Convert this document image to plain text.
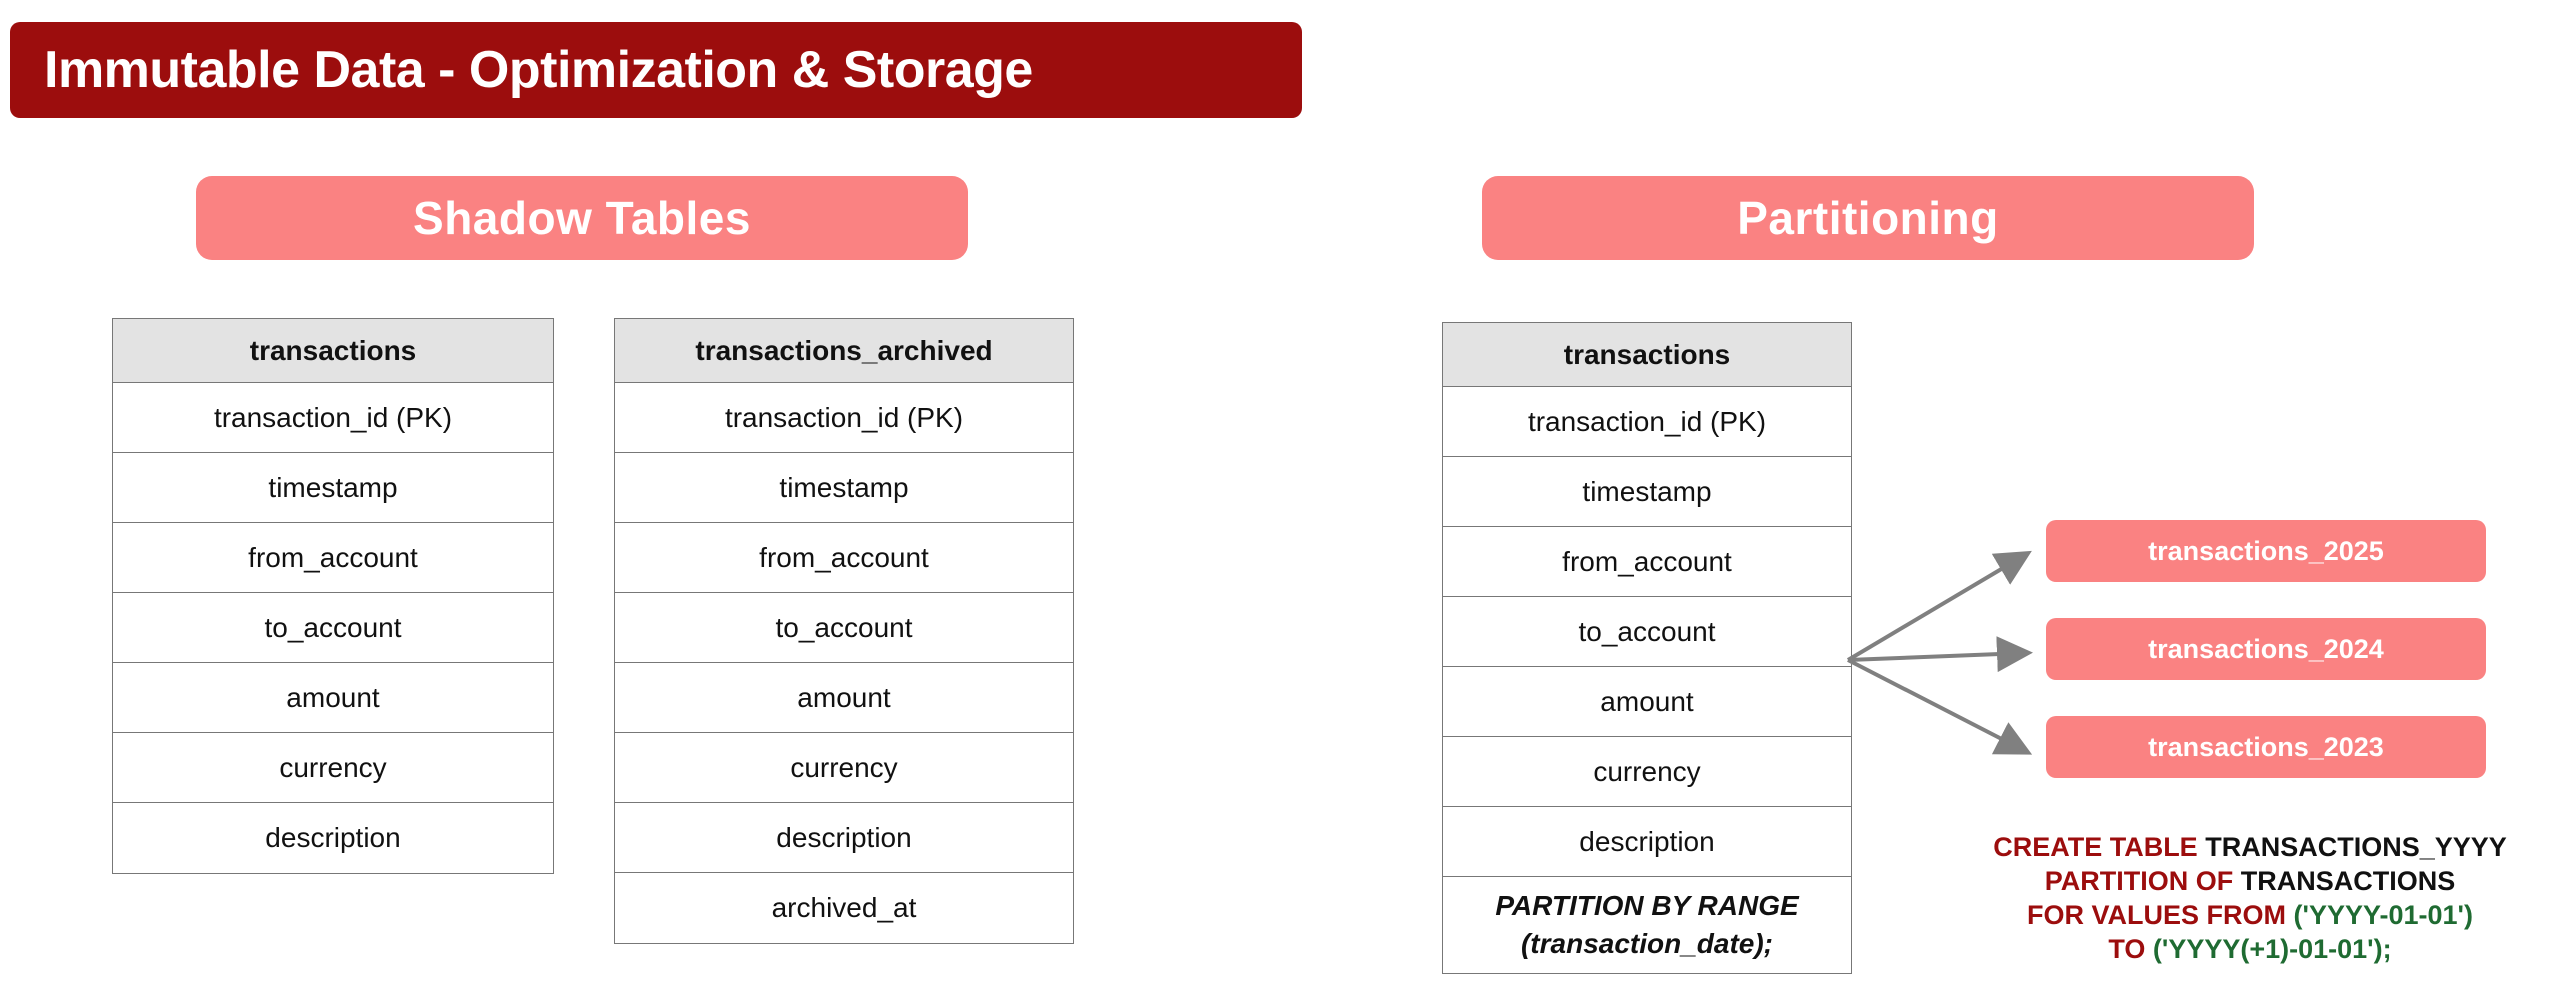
Immutable Data - Optimization & Storage
Shadow Tables	Partitioning
transactions
transaction_id (PK)
timestamp
from_account
to_account
amount
currency
description
transactions_archived
transaction_id (PK)
timestamp
from_account
to_account
amount
currency
description
archived_at
transactions
transaction_id (PK)
timestamp
from_account
to_account
amount
currency
description
PARTITION BY RANGE
(transaction_date);
transactions_2025
transactions_2024
transactions_2023
CREATE TABLE TRANSACTIONS_YYYY
PARTITION OF TRANSACTIONS
FOR VALUES FROM ('YYYY-01-01')
TO ('YYYY(+1)-01-01');
